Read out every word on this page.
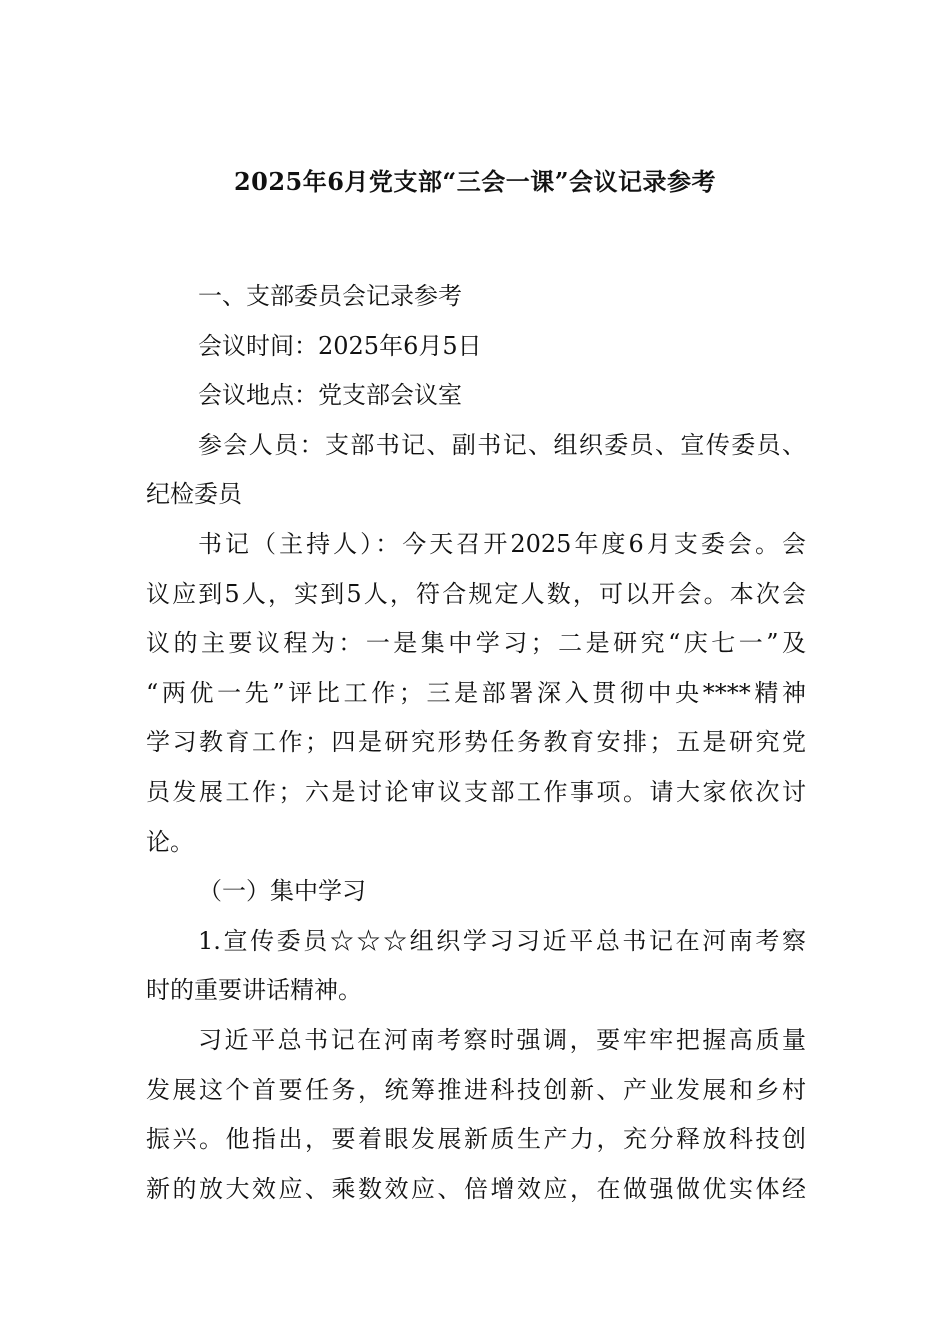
2025年6月党支部“三会一课”会议记录参考
一、支部委员会记录参考
会议时间：2025年6月5日
会议地点：党支部会议室
参会人员：支部书记、副书记、组织委员、宣传委员、
纪检委员
书记（主持人）：今天召开2025年度6月支委会。会
议应到5人，实到5人，符合规定人数，可以开会。本次会
议的主要议程为：一是集中学习；二是研究“庆七一”及
“两优一先”评比工作；三是部署深入贯彻中央****精神
学习教育工作；四是研究形势任务教育安排；五是研究党
员发展工作；六是讨论审议支部工作事项。请大家依次讨
论。
（一）集中学习
1.宣传委员☆☆☆组织学习习近平总书记在河南考察
时的重要讲话精神。
习近平总书记在河南考察时强调，要牢牢把握高质量
发展这个首要任务，统筹推进科技创新、产业发展和乡村
振兴。他指出，要着眼发展新质生产力，充分释放科技创
新的放大效应、乘数效应、倍增效应，在做强做优实体经
